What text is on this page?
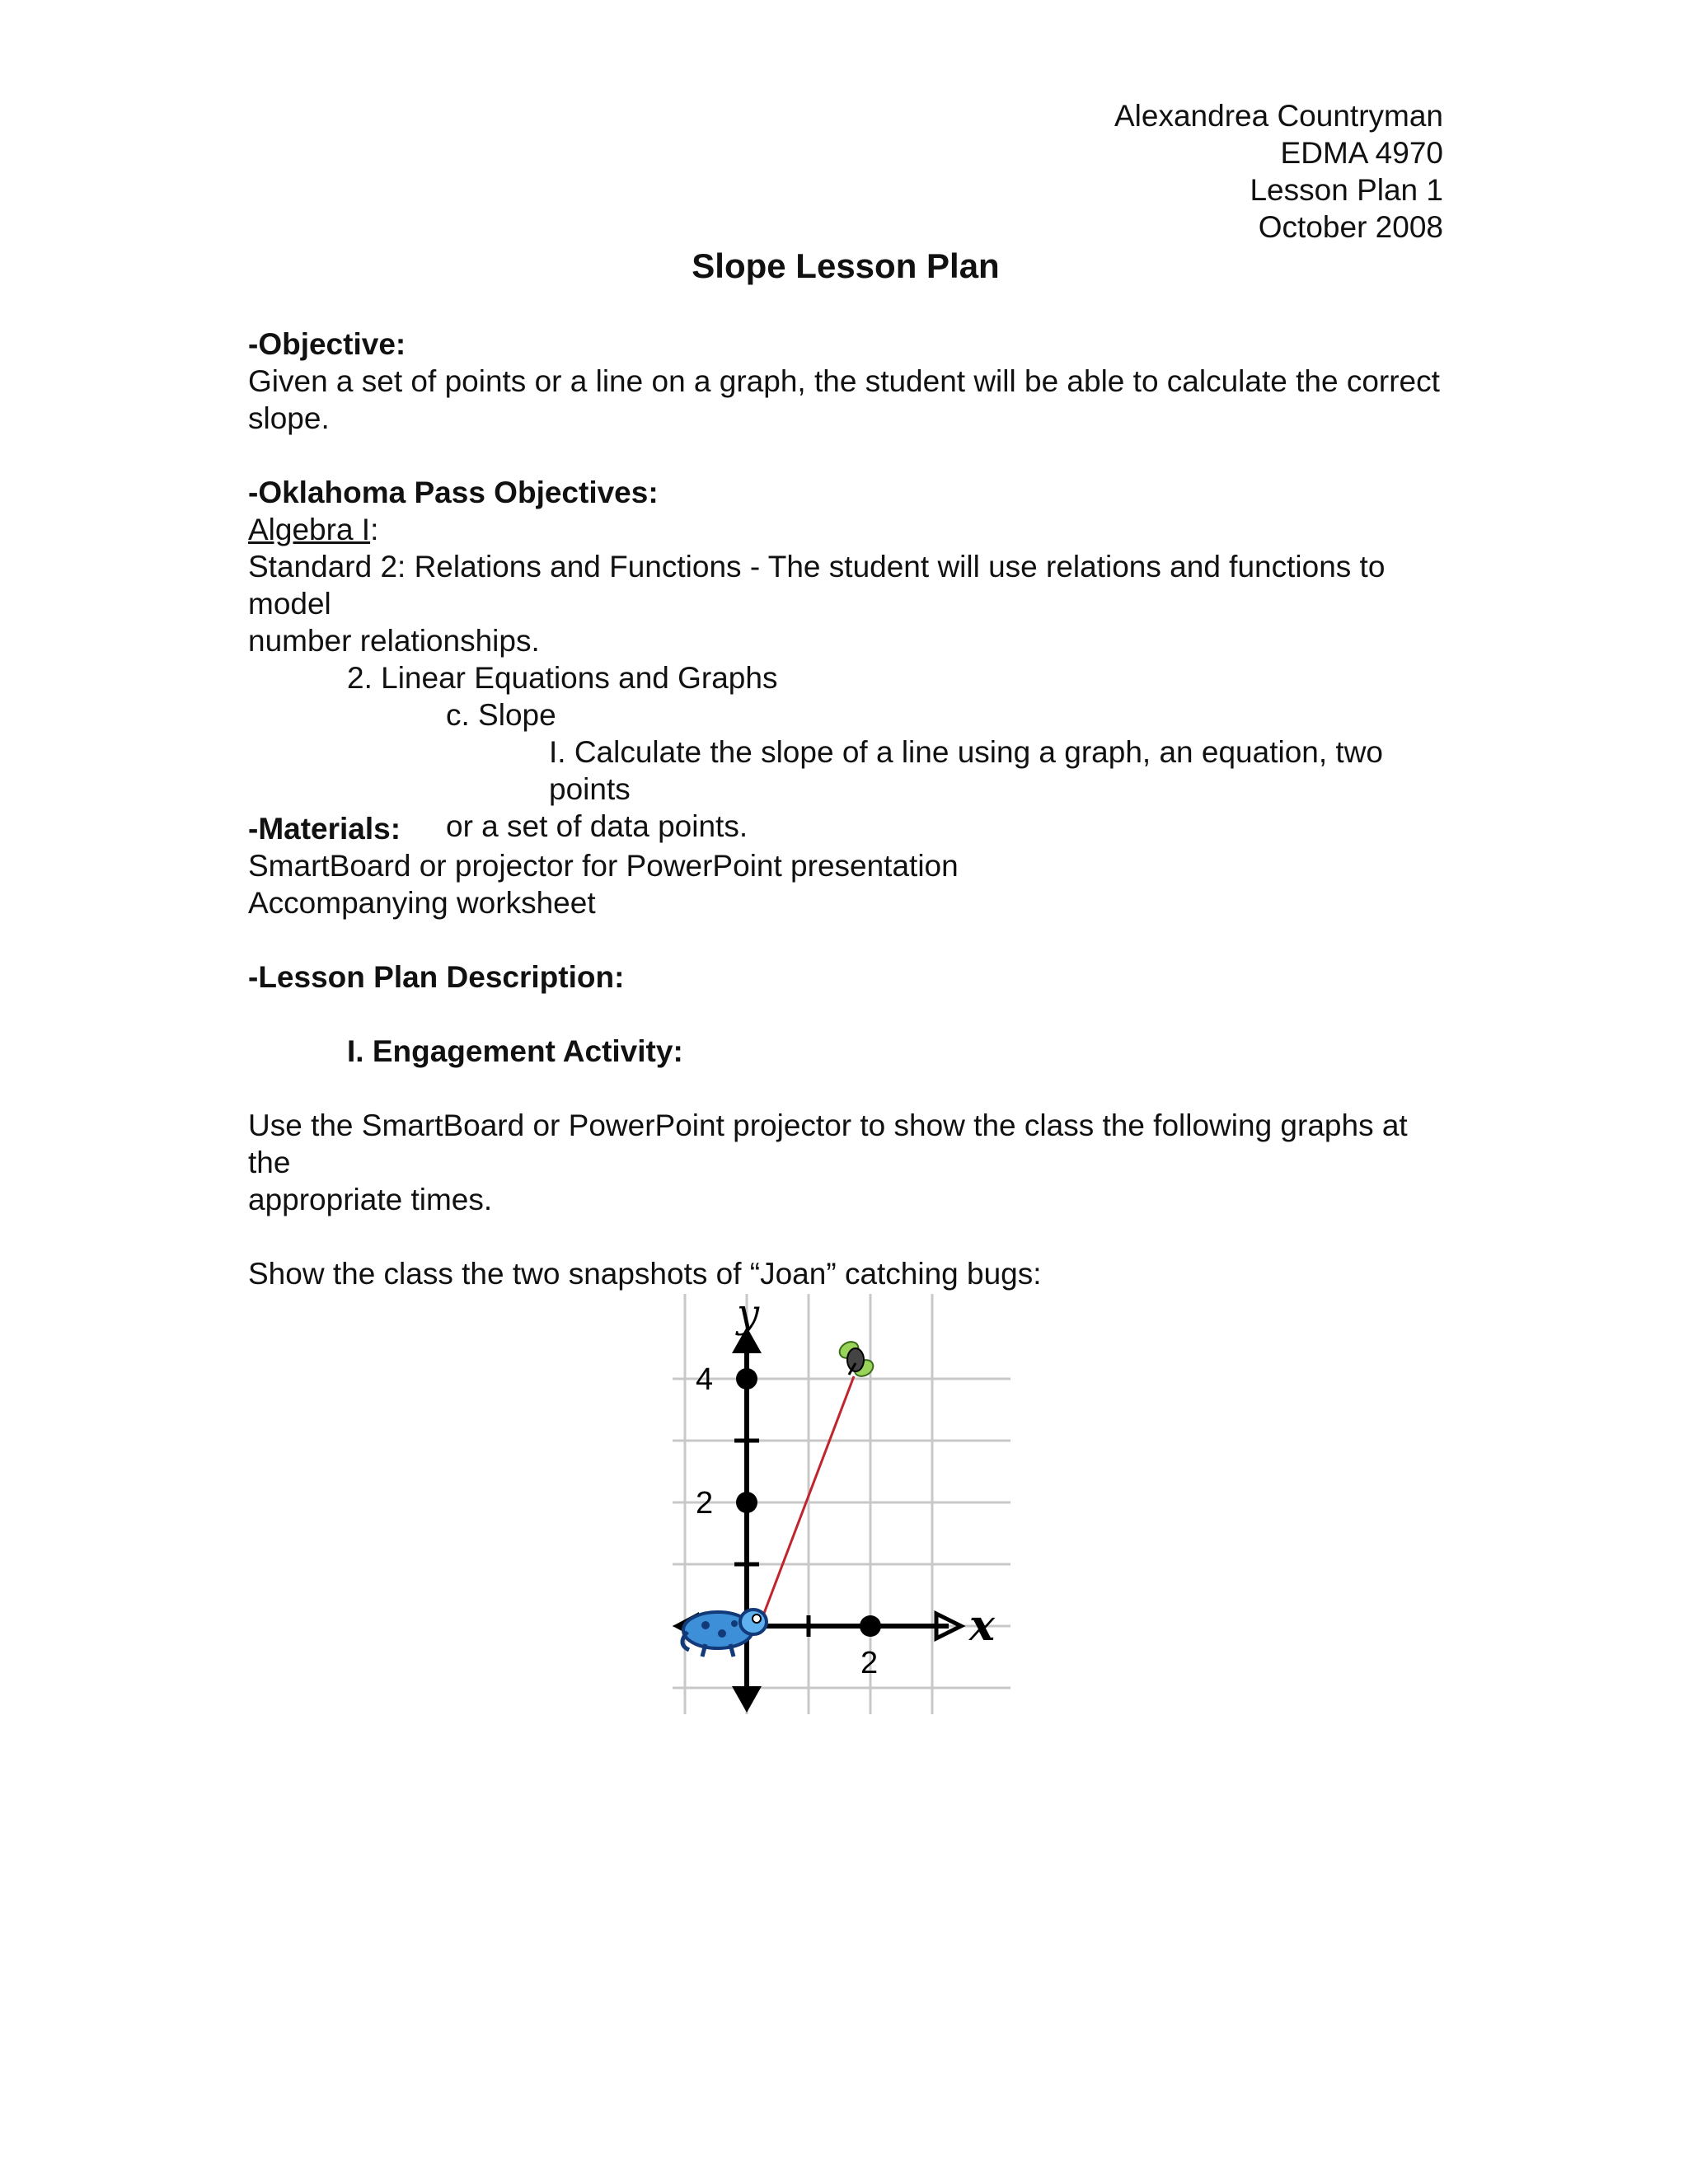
Alexandrea Countryman
EDMA 4970
Lesson Plan 1
October 2008
Slope Lesson Plan
-Objective:
Given a set of points or a line on a graph, the student will be able to calculate the correct
slope.
-Oklahoma Pass Objectives:
Algebra I:
Standard 2: Relations and Functions - The student will use relations and functions to model
number relationships.
2. Linear Equations and Graphs
c. Slope
I. Calculate the slope of a line using a graph, an equation, two points
or a set of data points.
-Materials:
SmartBoard or projector for PowerPoint presentation
Accompanying worksheet
-Lesson Plan Description:
I. Engagement Activity:
Use the SmartBoard or PowerPoint projector to show the class the following graphs at the
appropriate times.
Show the class the two snapshots of “Joan” catching bugs:
y
x
4
2
2
